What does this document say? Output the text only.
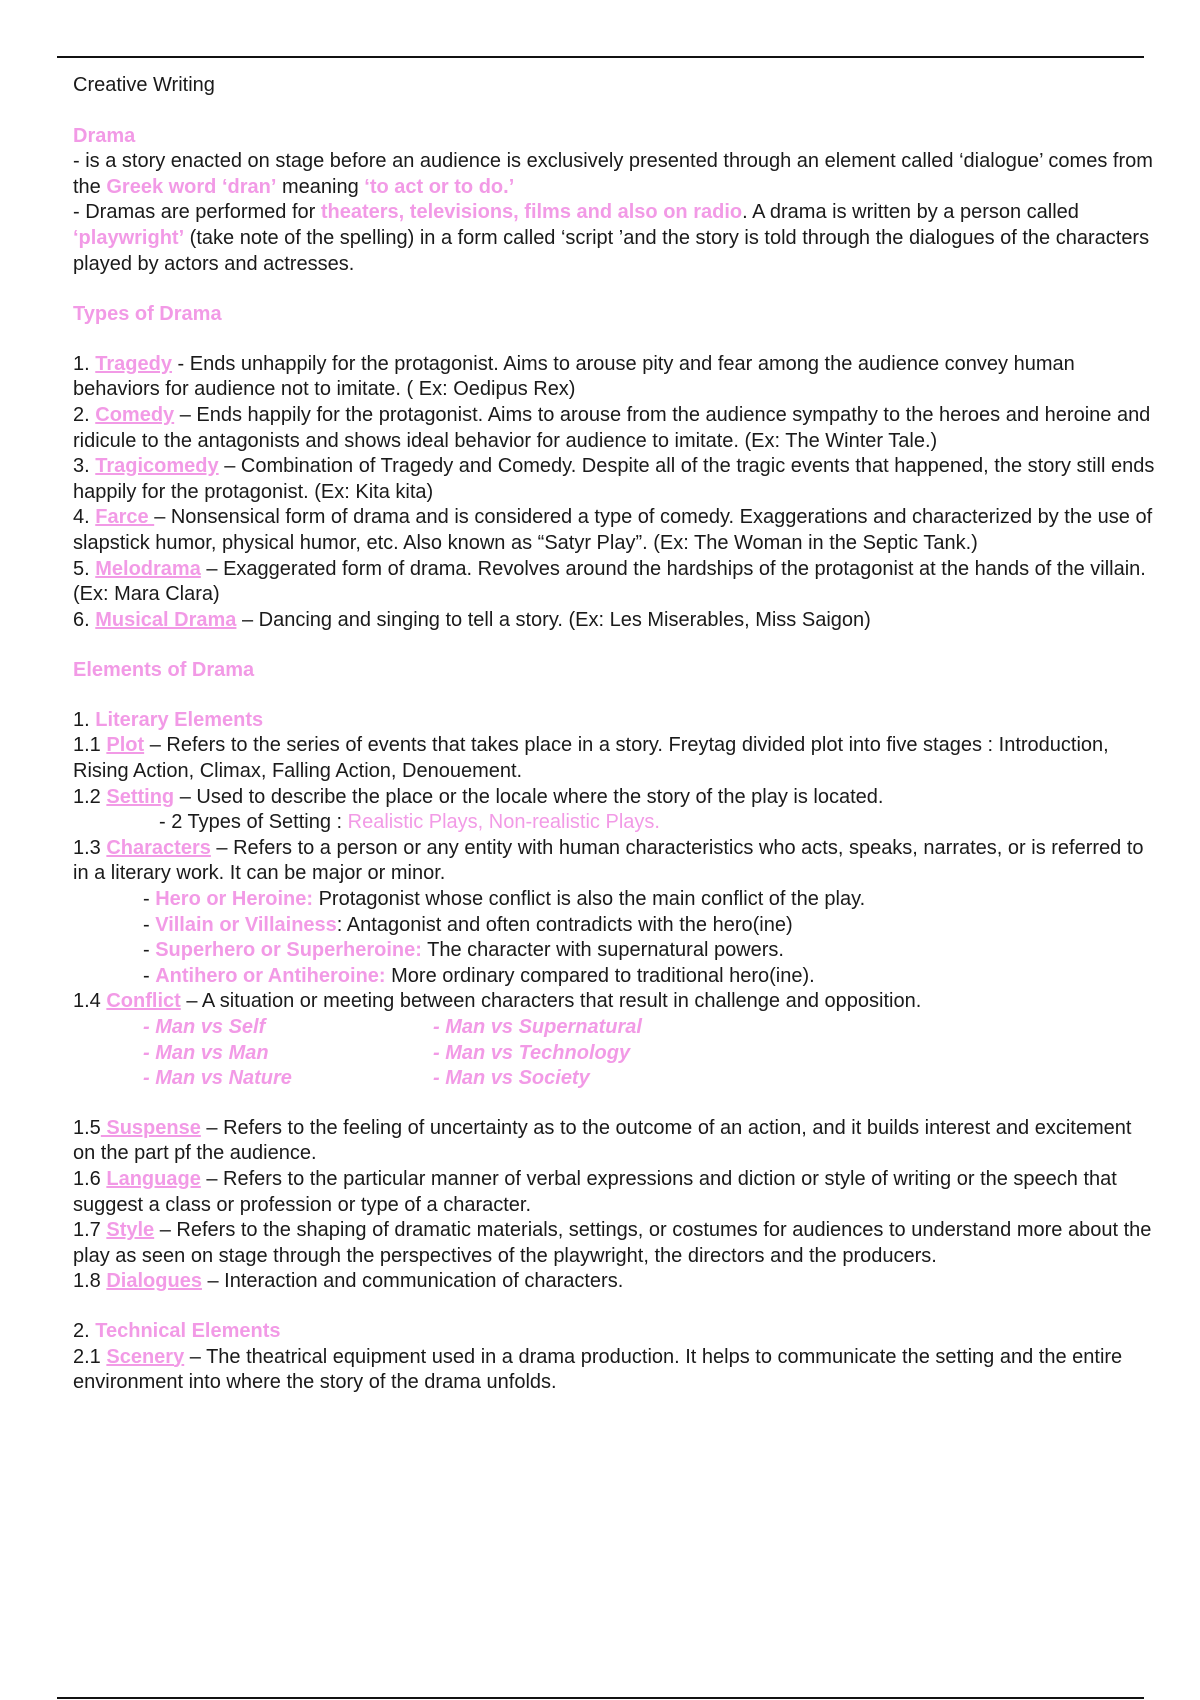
Creative Writing

Drama

- is a story enacted on stage before an audience is exclusively presented through an element called ‘dialogue’ comes from the Greek word ‘dran’ meaning ‘to act or to do.’

- Dramas are performed for theaters, televisions, films and also on radio. A drama is written by a person called ‘playwright’ (take note of the spelling) in a form called ‘script ’and the story is told through the dialogues of the characters played by actors and actresses.

Types of Drama

1. Tragedy - Ends unhappily for the protagonist. Aims to arouse pity and fear among the audience convey human behaviors for audience not to imitate. ( Ex: Oedipus Rex)

2. Comedy – Ends happily for the protagonist. Aims to arouse from the audience sympathy to the heroes and heroine and ridicule to the antagonists and shows ideal behavior for audience to imitate. (Ex: The Winter Tale.)

3. Tragicomedy – Combination of Tragedy and Comedy. Despite all of the tragic events that happened, the story still ends happily for the protagonist. (Ex: Kita kita)

4. Farce – Nonsensical form of drama and is considered a type of comedy. Exaggerations and characterized by the use of slapstick humor, physical humor, etc. Also known as “Satyr Play”. (Ex: The Woman in the Septic Tank.)

5. Melodrama – Exaggerated form of drama. Revolves around the hardships of the protagonist at the hands of the villain. (Ex: Mara Clara)

6. Musical Drama – Dancing and singing to tell a story. (Ex: Les Miserables, Miss Saigon)

Elements of Drama

1. Literary Elements

1.1 Plot – Refers to the series of events that takes place in a story. Freytag divided plot into five stages : Introduction, Rising Action, Climax, Falling Action, Denouement.

1.2 Setting – Used to describe the place or the locale where the story of the play is located.

- 2 Types of Setting : Realistic Plays, Non-realistic Plays.

1.3 Characters – Refers to a person or any entity with human characteristics who acts, speaks, narrates, or is referred to in a literary work. It can be major or minor.

- Hero or Heroine: Protagonist whose conflict is also the main conflict of the play.

- Villain or Villainess: Antagonist and often contradicts with the hero(ine)

- Superhero or Superheroine: The character with supernatural powers.

- Antihero or Antiheroine: More ordinary compared to traditional hero(ine).

1.4 Conflict – A situation or meeting between characters that result in challenge and opposition.

- Man vs Self	- Man vs Supernatural
- Man vs Man	- Man vs Technology
- Man vs Nature	- Man vs Society

1.5 Suspense – Refers to the feeling of uncertainty as to the outcome of an action, and it builds interest and excitement on the part pf the audience.

1.6 Language – Refers to the particular manner of verbal expressions and diction or style of writing or the speech that suggest a class or profession or type of a character.

1.7 Style – Refers to the shaping of dramatic materials, settings, or costumes for audiences to understand more about the play as seen on stage through the perspectives of the playwright, the directors and the producers.

1.8 Dialogues – Interaction and communication of characters.

2. Technical Elements

2.1 Scenery – The theatrical equipment used in a drama production. It helps to communicate the setting and the entire environment into where the story of the drama unfolds.
